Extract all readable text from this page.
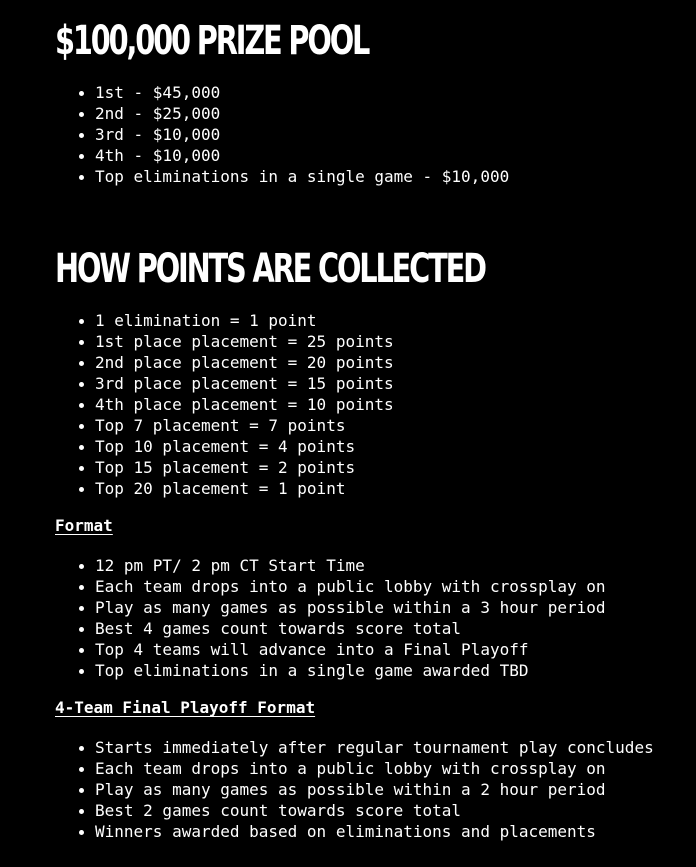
$100,000 PRIZE POOL
• 1st - $45,000
• 2nd - $25,000
• 3rd - $10,000
• 4th - $10,000
• Top eliminations in a single game - $10,000
HOW POINTS ARE COLLECTED
• 1 elimination = 1 point
• 1st place placement = 25 points
• 2nd place placement = 20 points
• 3rd place placement = 15 points
• 4th place placement = 10 points
• Top 7 placement = 7 points
• Top 10 placement = 4 points
• Top 15 placement = 2 points
• Top 20 placement = 1 point
Format
• 12 pm PT/ 2 pm CT Start Time
• Each team drops into a public lobby with crossplay on
• Play as many games as possible within a 3 hour period
• Best 4 games count towards score total
• Top 4 teams will advance into a Final Playoff
• Top eliminations in a single game awarded TBD
4-Team Final Playoff Format
• Starts immediately after regular tournament play concludes
• Each team drops into a public lobby with crossplay on
• Play as many games as possible within a 2 hour period
• Best 2 games count towards score total
• Winners awarded based on eliminations and placements
